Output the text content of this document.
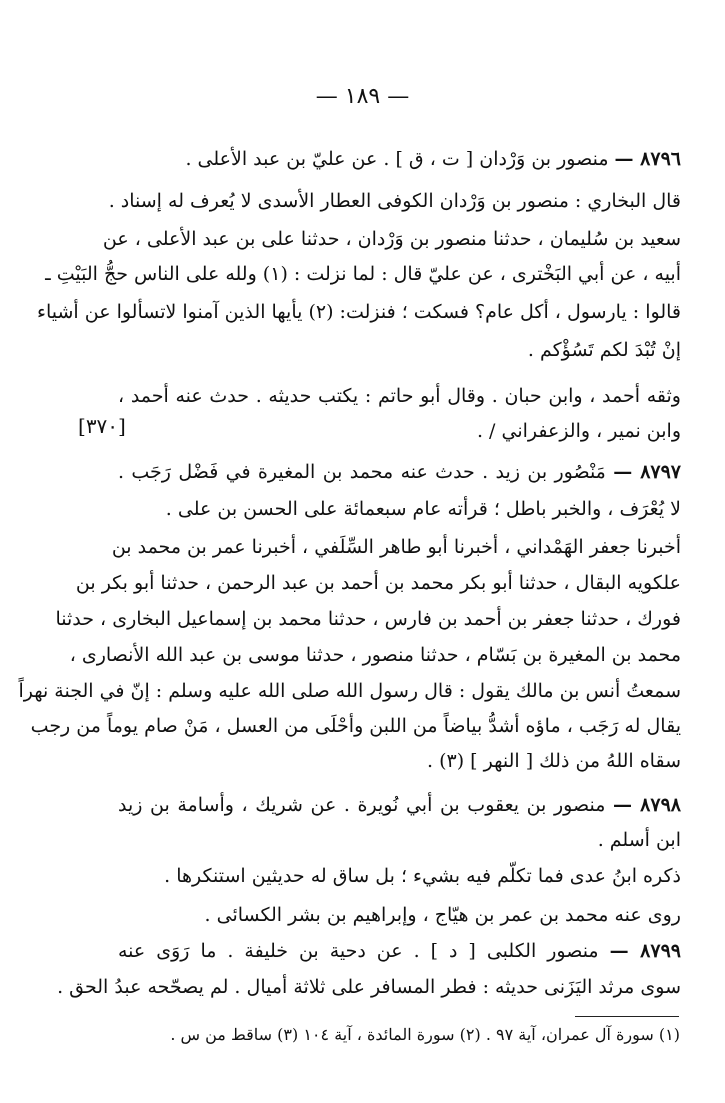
— ١٨٩ —
[٣٧٠]
٨٧٩٦ — منصور بن وَرْدان [ ت ، ق ] . عن عليّ بن عبد الأعلى .
قال البخاري : منصور بن وَرْدان الكوفى العطار الأسدى لا يُعرف له إسناد .
سعيد بن سُليمان ، حدثنا منصور بن وَرْدان ، حدثنا على بن عبد الأعلى ، عن
أبيه ، عن أبي البَخْترى ، عن عليّ قال : لما نزلت : (١) ولله على الناس حجُّ البَيْتِ ـ
قالوا : يارسول ، أكل عام؟ فسكت ؛ فنزلت: (٢) يأيها الذين آمنوا لاتسألوا عن أشياء
إنْ تُبْدَ لكم تَسُؤْكم .
وثقه أحمد ، وابن حبان . وقال أبو حاتم : يكتب حديثه . حدث عنه أحمد ،
وابن نمير ، والزعفراني / .
٨٧٩٧ — مَنْصُور بن زيد . حدث عنه محمد بن المغيرة في فَضْل رَجَب .
لا يُعْرَف ، والخبر باطل ؛ قرأته عام سبعمائة على الحسن بن على .
أخبرنا جعفر الهَمْداني ، أخبرنا أبو طاهر السِّلَفي ، أخبرنا عمر بن محمد بن
علكويه البقال ، حدثنا أبو بكر محمد بن أحمد بن عبد الرحمن ، حدثنا أبو بكر بن
فورك ، حدثنا جعفر بن أحمد بن فارس ، حدثنا محمد بن إسماعيل البخارى ، حدثنا
محمد بن المغيرة بن بَسّام ، حدثنا منصور ، حدثنا موسى بن عبد الله الأنصارى ،
سمعتُ أنس بن مالك يقول : قال رسول الله صلى الله عليه وسلم : إنّ في الجنة نهراً
يقال له رَجَب ، ماؤه أشدُّ بياضاً من اللبن وأحْلَى من العسل ، مَنْ صام يوماً من رجب
سقاه اللهُ من ذلك [ النهر ] (٣) .
٨٧٩٨ — منصور بن يعقوب بن أبي نُويرة . عن شريك ، وأسامة بن زيد
ابن أسلم .
ذكره ابنُ عدى فما تكلّم فيه بشيء ؛ بل ساق له حديثين استنكرها .
روى عنه محمد بن عمر بن هيّاج ، وإبراهيم بن بشر الكسائى .
٨٧٩٩ — منصور الكلبى [ د ] . عن دحية بن خليفة . ما رَوَى عنه
سوى مرثد اليَزَنى حديثه : فطر المسافر على ثلاثة أميال . لم يصحّحه عبدُ الحق .
(١) سورة آل عمران، آية ٩٧ . (٢) سورة المائدة ، آية ١٠٤ (٣) ساقط من س .
